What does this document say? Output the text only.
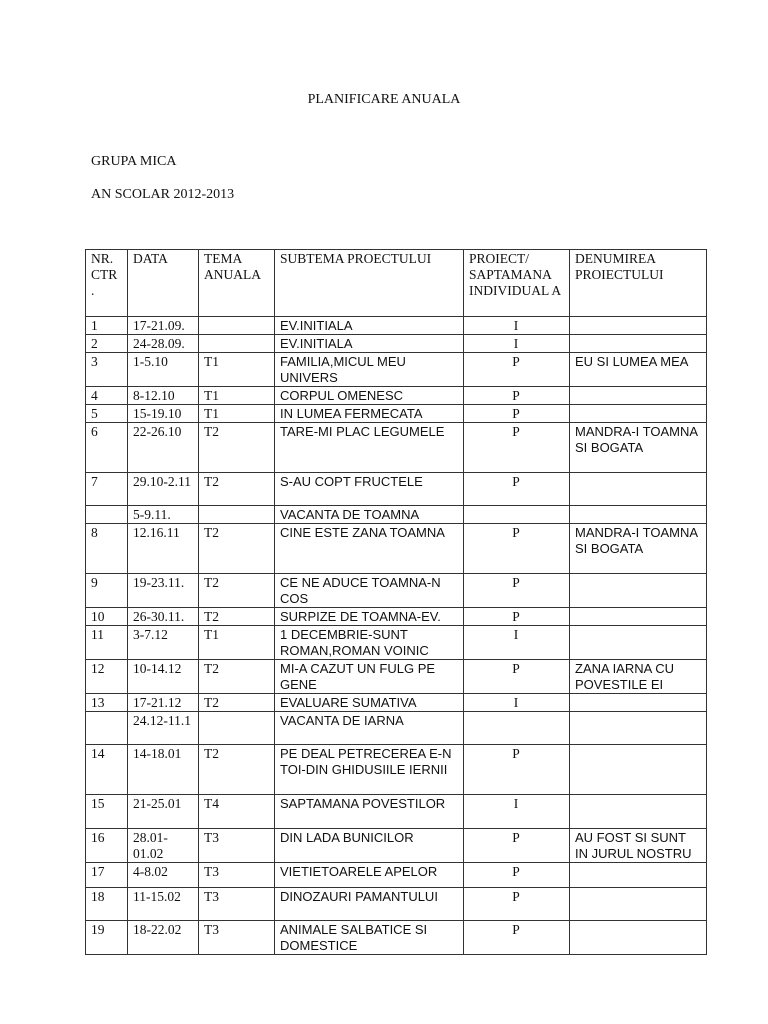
PLANIFICARE ANUALA
GRUPA MICA
AN SCOLAR 2012-2013
NR. CTR .	DATA	TEMA ANUALA	SUBTEMA PROECTULUI	PROIECT/ SAPTAMANA INDIVIDUAL A	DENUMIREA PROIECTULUI
1	17-21.09.		EV.INITIALA	I	
2	24-28.09.		EV.INITIALA	I	
3	1-5.10	T1	FAMILIA,MICUL MEU UNIVERS	P	EU SI LUMEA MEA
4	8-12.10	T1	CORPUL OMENESC	P	
5	15-19.10	T1	IN LUMEA FERMECATA	P	
6	22-26.10	T2	TARE-MI PLAC LEGUMELE	P	MANDRA-I TOAMNA SI BOGATA
7	29.10-2.11	T2	S-AU COPT FRUCTELE	P	
	5-9.11.		VACANTA DE TOAMNA		
8	12.16.11	T2	CINE ESTE ZANA TOAMNA	P	MANDRA-I TOAMNA SI BOGATA
9	19-23.11.	T2	CE NE ADUCE TOAMNA-N COS	P	
10	26-30.11.	T2	SURPIZE DE TOAMNA-EV.	P	
11	3-7.12	T1	1 DECEMBRIE-SUNT ROMAN,ROMAN VOINIC	I	
12	10-14.12	T2	MI-A CAZUT UN FULG PE GENE	P	ZANA IARNA CU POVESTILE EI
13	17-21.12	T2	EVALUARE SUMATIVA	I	
	24.12-11.1		VACANTA DE IARNA		
14	14-18.01	T2	PE DEAL PETRECEREA E-N TOI-DIN GHIDUSIILE IERNII	P	
15	21-25.01	T4	SAPTAMANA POVESTILOR	I	
16	28.01-01.02	T3	DIN LADA BUNICILOR	P	AU FOST SI SUNT IN JURUL NOSTRU
17	4-8.02	T3	VIETIETOARELE APELOR	P	
18	11-15.02	T3	DINOZAURI PAMANTULUI	P	
19	18-22.02	T3	ANIMALE SALBATICE SI DOMESTICE	P	
